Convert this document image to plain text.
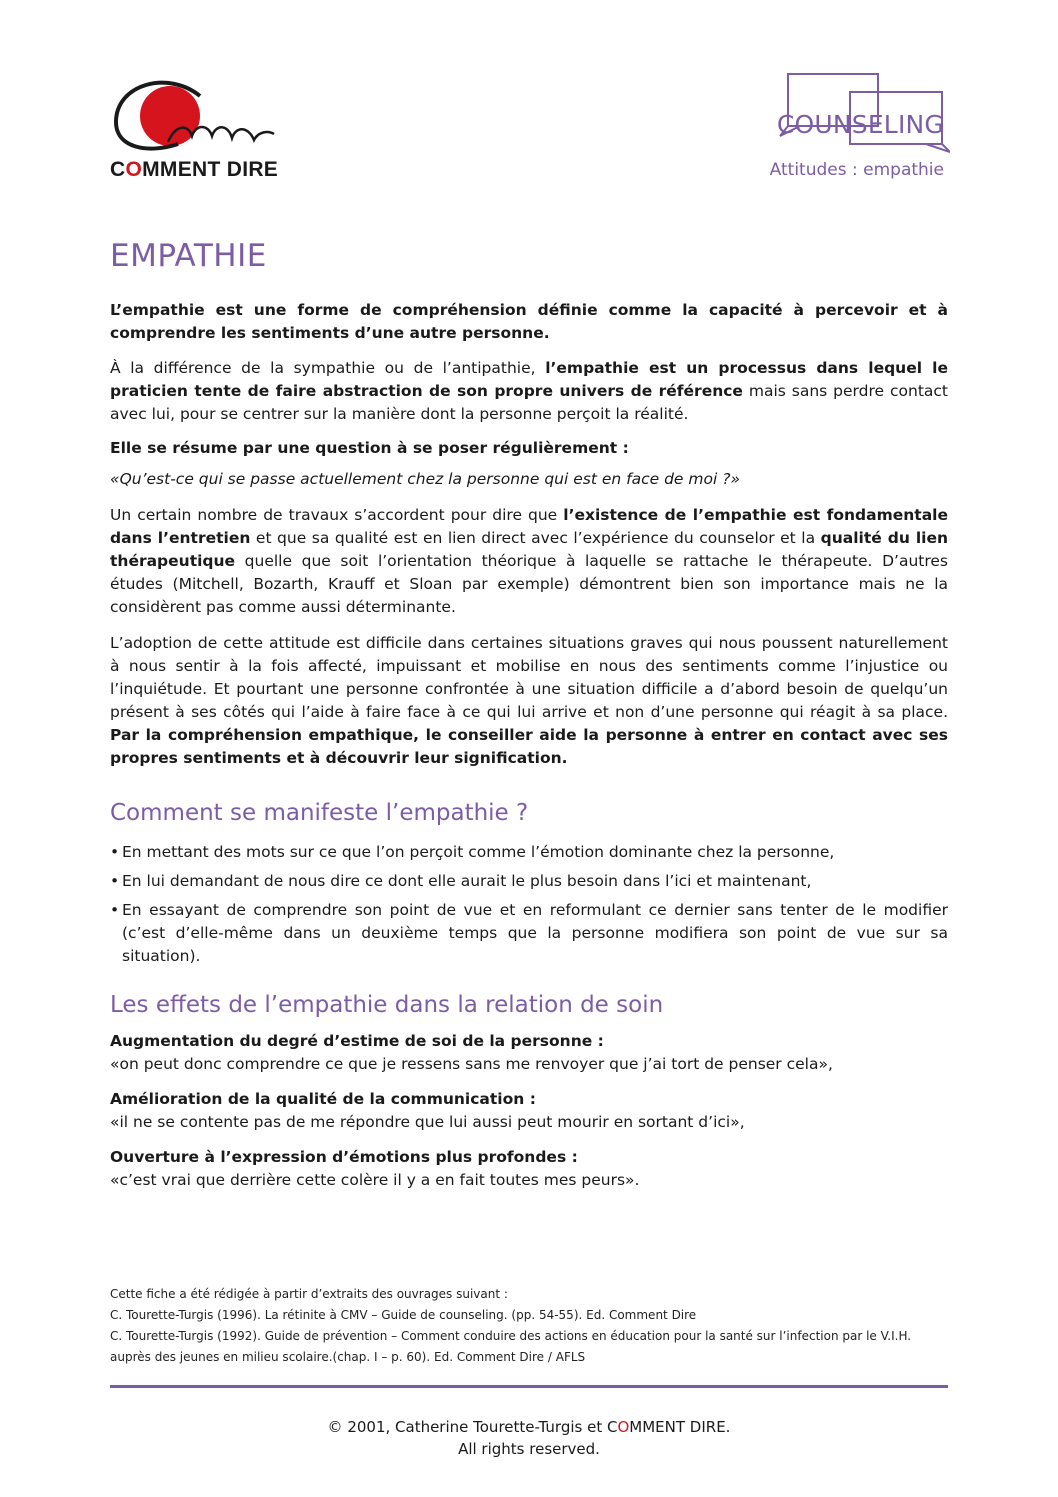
COMMENT DIRE
COUNSELING
Attitudes : empathie
EMPATHIE

L’empathie est une forme de compréhension définie comme la capacité à percevoir et à comprendre les sentiments d’une autre personne.

À la différence de la sympathie ou de l’antipathie, l’empathie est un processus dans lequel le praticien tente de faire abstraction de son propre univers de référence mais sans perdre contact avec lui, pour se centrer sur la manière dont la personne perçoit la réalité.

Elle se résume par une question à se poser régulièrement :

«Qu’est-ce qui se passe actuellement chez la personne qui est en face de moi ?»

Un certain nombre de travaux s’accordent pour dire que l’existence de l’empathie est fondamentale dans l’entretien et que sa qualité est en lien direct avec l’expérience du counselor et la qualité du lien thérapeutique quelle que soit l’orientation théorique à laquelle se rattache le thérapeute. D’autres études (Mitchell, Bozarth, Krauff et Sloan par exemple) démontrent bien son importance mais ne la considèrent pas comme aussi déterminante.

L’adoption de cette attitude est difficile dans certaines situations graves qui nous poussent naturellement à nous sentir à la fois affecté, impuissant et mobilise en nous des sentiments comme l’injustice ou l’inquiétude. Et pourtant une personne confrontée à une situation difficile a d’abord besoin de quelqu’un présent à ses côtés qui l’aide à faire face à ce qui lui arrive et non d’une personne qui réagit à sa place. Par la compréhension empathique, le conseiller aide la personne à entrer en contact avec ses propres sentiments et à découvrir leur signification.

Comment se manifeste l’empathie ?
• En mettant des mots sur ce que l’on perçoit comme l’émotion dominante chez la personne,
• En lui demandant de nous dire ce dont elle aurait le plus besoin dans l’ici et maintenant,
• En essayant de comprendre son point de vue et en reformulant ce dernier sans tenter de le modifier (c’est d’elle-même dans un deuxième temps que la personne modifiera son point de vue sur sa situation).
Les effets de l’empathie dans la relation de soin
Augmentation du degré d’estime de soi de la personne :
«on peut donc comprendre ce que je ressens sans me renvoyer que j’ai tort de penser cela»,
Amélioration de la qualité de la communication :
«il ne se contente pas de me répondre que lui aussi peut mourir en sortant d’ici»,
Ouverture à l’expression d’émotions plus profondes :
«c’est vrai que derrière cette colère il y a en fait toutes mes peurs».
Cette fiche a été rédigée à partir d’extraits des ouvrages suivant :
C. Tourette-Turgis (1996). La rétinite à CMV – Guide de counseling. (pp. 54-55). Ed. Comment Dire
C. Tourette-Turgis (1992). Guide de prévention – Comment conduire des actions en éducation pour la santé sur l’infection par le V.I.H. auprès des jeunes en milieu scolaire.(chap. I – p. 60). Ed. Comment Dire / AFLS
© 2001, Catherine Tourette-Turgis et COMMENT DIRE.
All rights reserved.
